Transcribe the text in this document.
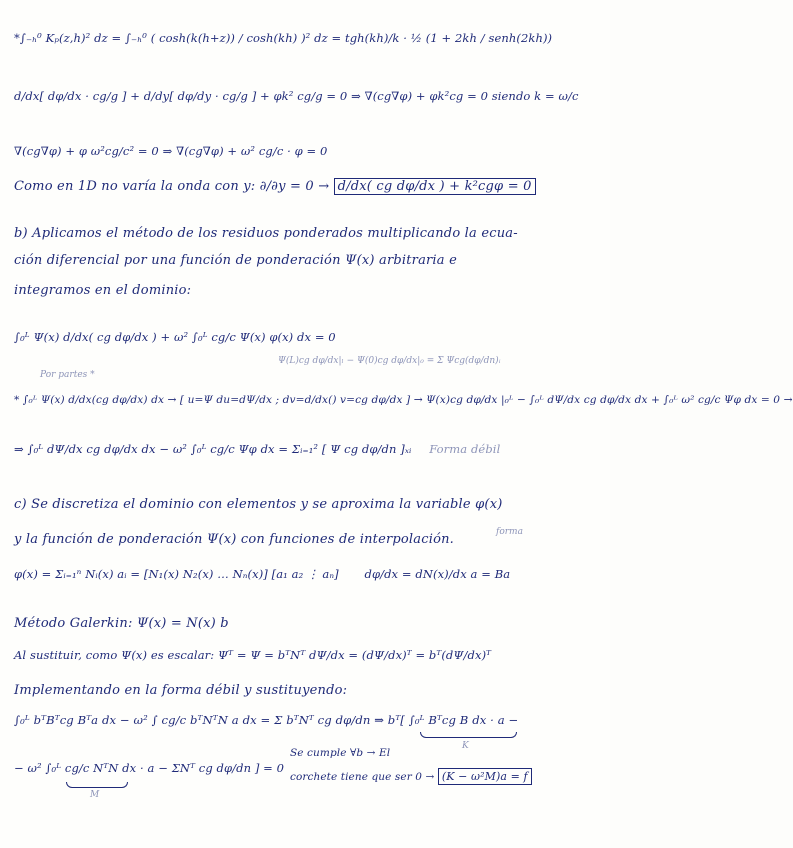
*∫₋ₕ⁰ Kₚ(z,h)² dz = ∫₋ₕ⁰ ( cosh(k(h+z)) / cosh(kh) )² dz = tgh(kh)/k · ½ (1 + 2kh / senh(2kh))
d/dx[ dφ/dx · cg/g ] + d/dy[ dφ/dy · cg/g ] + φk² cg/g = 0 ⇒ ∇(cg∇φ) + φk²cg = 0 siendo k = ω/c
∇(cg∇φ) + φ ω²cg/c² = 0 ⇒ ∇(cg∇φ) + ω² cg/c · φ = 0
Como en 1D no varía la onda con y: ∂/∂y = 0 → d/dx( cg dφ/dx ) + k²cgφ = 0
b) Aplicamos el método de los residuos ponderados multiplicando la ecua-
ción diferencial por una función de ponderación Ψ(x) arbitraria e
integramos en el dominio:
∫₀ᴸ Ψ(x) d/dx( cg dφ/dx ) + ω² ∫₀ᴸ cg/c Ψ(x) φ(x) dx = 0
Por partes *
Ψ(L)cg dφ/dx|ₗ − Ψ(0)cg dφ/dx|₀ = Σ Ψcg(dφ/dn)ᵢ
* ∫₀ᴸ Ψ(x) d/dx(cg dφ/dx) dx → [ u=Ψ du=dΨ/dx ; dv=d/dx() v=cg dφ/dx ] → Ψ(x)cg dφ/dx |₀ᴸ − ∫₀ᴸ dΨ/dx cg dφ/dx dx + ∫₀ᴸ ω² cg/c Ψφ dx = 0 →
⇒ ∫₀ᴸ dΨ/dx cg dφ/dx dx − ω² ∫₀ᴸ cg/c Ψφ dx = Σᵢ₌₁² [ Ψ cg dφ/dn ]ₓᵢ Forma débil
c) Se discretiza el dominio con elementos y se aproxima la variable φ(x)
forma
y la función de ponderación Ψ(x) con funciones de interpolación.
φ(x) = Σᵢ₌₁ⁿ Nᵢ(x) aᵢ = [N₁(x) N₂(x) … Nₙ(x)] [a₁ a₂ ⋮ aₙ] dφ/dx = dN(x)/dx a = Ba
Método Galerkin: Ψ(x) = N(x) b
Al sustituir, como Ψ(x) es escalar: Ψᵀ = Ψ = bᵀNᵀ dΨ/dx = (dΨ/dx)ᵀ = bᵀ(dΨ/dx)ᵀ
Implementando en la forma débil y sustituyendo:
∫₀ᴸ bᵀBᵀcg Bᵀa dx − ω² ∫ cg/c bᵀNᵀN a dx = Σ bᵀNᵀ cg dφ/dn ⇒ bᵀ[ ∫₀ᴸ Bᵀcg B dx · a −
K
− ω² ∫₀ᴸ cg/c NᵀN dx · a − ΣNᵀ cg dφ/dn ] = 0
M
Se cumple ∀b → El
corchete tiene que ser 0 → (K − ω²M)a = f
